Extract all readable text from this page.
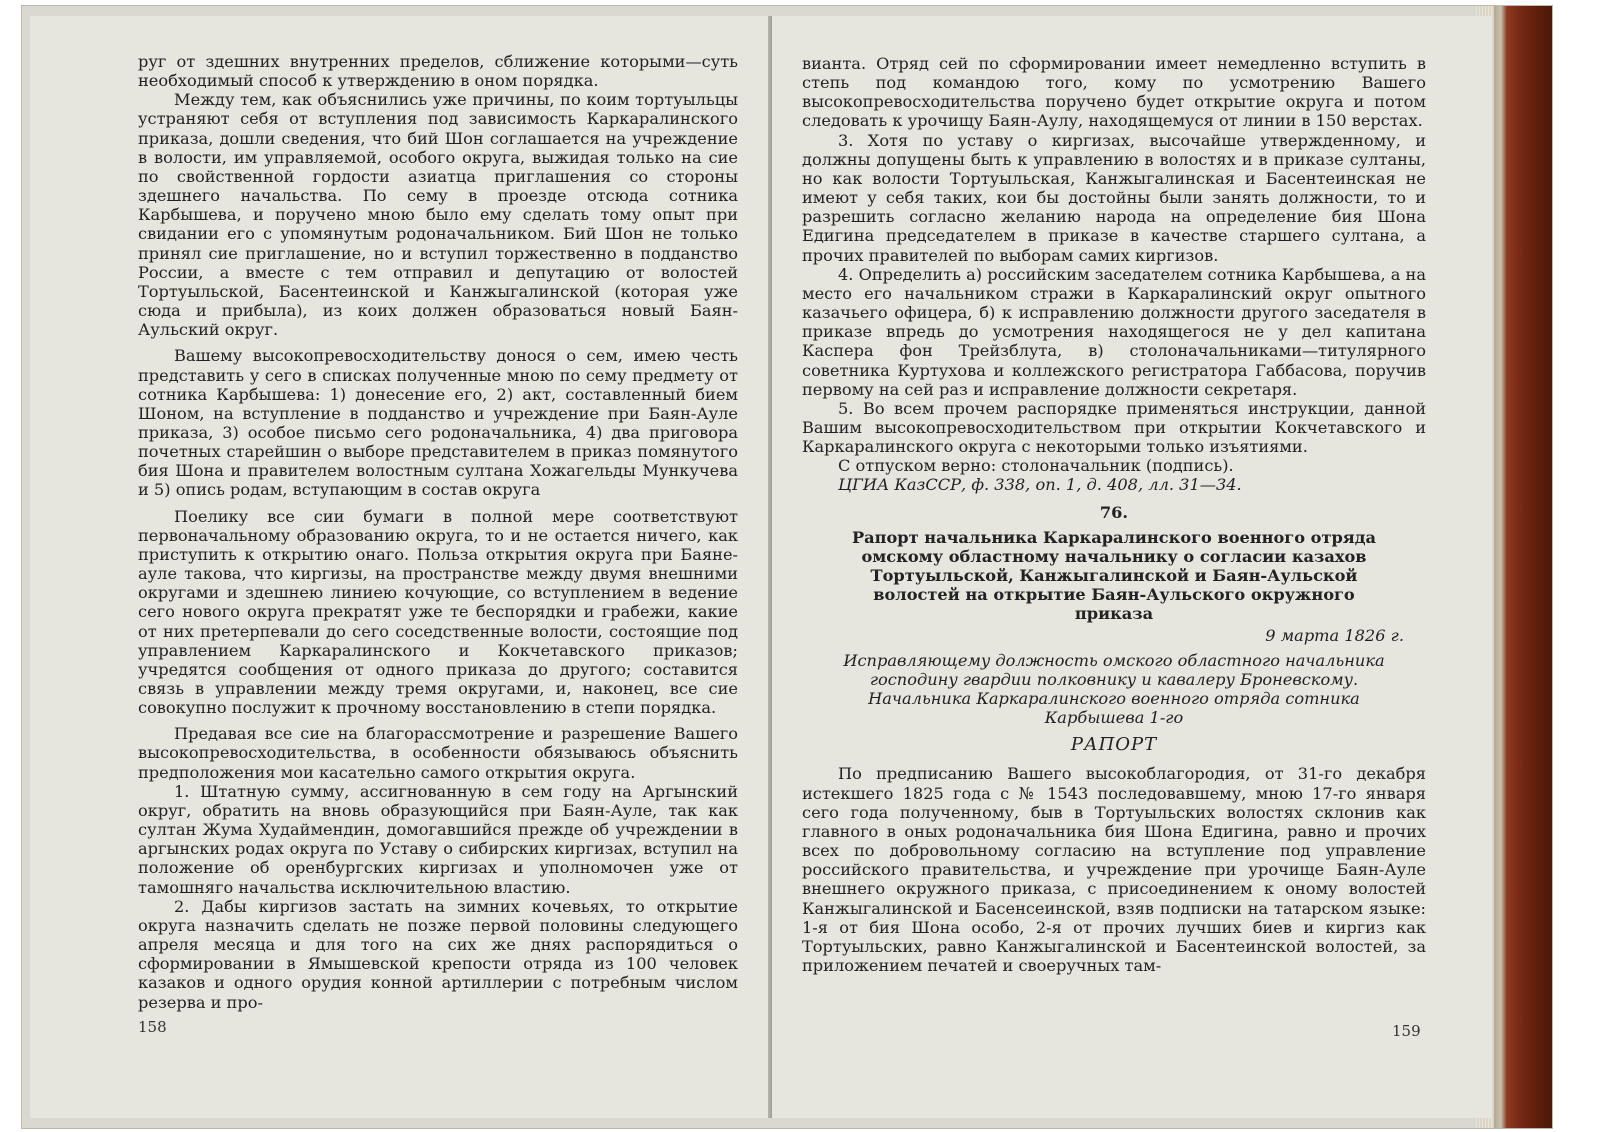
руг от здешних внутренних пределов, сближение которыми—суть необходимый способ к утверждению в оном порядка.

Между тем, как объяснились уже причины, по коим тортуыльцы устраняют себя от вступления под зависимость Каркаралинского приказа, дошли сведения, что бий Шон соглашается на учреждение в волости, им управляемой, особого округа, выжидая только на сие по свойственной гордости азиатца приглашения со стороны здешнего начальства. По сему в проезде отсюда сотника Карбышева, и поручено мною было ему сделать тому опыт при свидании его с упомянутым родоначальником. Бий Шон не только принял сие приглашение, но и вступил торжественно в подданство России, а вместе с тем отправил и депутацию от волостей Тортуыльской, Басентеинской и Канжыгалинской (которая уже сюда и прибыла), из коих должен образоваться новый Баян-Аульский округ.

Вашему высокопревосходительству донося о сем, имею честь представить у сего в списках полученные мною по сему предмету от сотника Карбышева: 1) донесение его, 2) акт, составленный бием Шоном, на вступление в подданство и учреждение при Баян-Ауле приказа, 3) особое письмо сего родоначальника, 4) два приговора почетных старейшин о выборе представителем в приказ помянутого бия Шона и правителем волостным султана Хожагельды Мункучева и 5) опись родам, вступающим в состав округа

Поелику все сии бумаги в полной мере соответствуют первоначальному образованию округа, то и не остается ничего, как приступить к открытию онаго. Польза открытия округа при Баяне-ауле такова, что киргизы, на пространстве между двумя внешними округами и здешнею линиею кочующие, со вступлением в ведение сего нового округа прекратят уже те беспорядки и грабежи, какие от них претерпевали до сего соседственные волости, состоящие под управлением Каркаралинского и Кокчетавского приказов; учредятся сообщения от одного приказа до другого; составится связь в управлении между тремя округами, и, наконец, все сие совокупно послужит к прочному восстановлению в степи порядка.

Предавая все сие на благорассмотрение и разрешение Вашего высокопревосходительства, в особенности обязываюсь объяснить предположения мои касательно самого открытия округа.

1. Штатную сумму, ассигнованную в сем году на Аргынский округ, обратить на вновь образующийся при Баян-Ауле, так как султан Жума Худаймендин, домогавшийся прежде об учреждении в аргынских родах округа по Уставу о сибирских киргизах, вступил на положение об оренбургских киргизах и уполномочен уже от тамошняго начальства исключительною властию.

2. Дабы киргизов застать на зимних кочевьях, то открытие округа назначить сделать не позже первой половины следующего апреля месяца и для того на сих же днях распорядиться о сформировании в Ямышевской крепости отряда из 100 человек казаков и одного орудия конной артиллерии с потребным числом резерва и про-

158

вианта. Отряд сей по сформировании имеет немедленно вступить в степь под командою того, кому по усмотрению Вашего высокопревосходительства поручено будет открытие округа и потом следовать к урочищу Баян-Аулу, находящемуся от линии в 150 верстах.

3. Хотя по уставу о киргизах, высочайше утвержденному, и должны допущены быть к управлению в волостях и в приказе султаны, но как волости Тортуыльская, Канжыгалинская и Басентеинская не имеют у себя таких, кои бы достойны были занять должности, то и разрешить согласно желанию народа на определение бия Шона Едигина председателем в приказе в качестве старшего султана, а прочих правителей по выборам самих киргизов.

4. Определить а) российским заседателем сотника Карбышева, а на место его начальником стражи в Каркаралинский округ опытного казачьего офицера, б) к исправлению должности другого заседателя в приказе впредь до усмотрения находящегося не у дел капитана Каспера фон Трейзблута, в) столоначальниками—титулярного советника Куртухова и коллежского регистратора Габбасова, поручив первому на сей раз и исправление должности секретаря.

5. Во всем прочем распорядке применяться инструкции, данной Вашим высокопревосходительством при открытии Кокчетавского и Каркаралинского округа с некоторыми только изъятиями.

С отпуском верно: столоначальник (подпись).

ЦГИА КазССР, ф. 338, оп. 1, д. 408, лл. 31—34.

76.

Рапорт начальника Каркаралинского военного отряда омскому областному начальнику о согласии казахов Тортуыльской, Канжыгалинской и Баян-Аульской волостей на открытие Баян-Аульского окружного приказа

9 марта 1826 г.

Исправляющему должность омского областного начальника господину гвардии полковнику и кавалеру Броневскому. Начальника Каркаралинского военного отряда сотника Карбышева 1-го

РАПОРТ

По предписанию Вашего высокоблагородия, от 31-го декабря истекшего 1825 года с № 1543 последовавшему, мною 17-го января сего года полученному, быв в Тортуыльских волостях склонив как главного в оных родоначальника бия Шона Едигина, равно и прочих всех по добровольному согласию на вступление под управление российского правительства, и учреждение при урочище Баян-Ауле внешнего окружного приказа, с присоединением к оному волостей Канжыгалинской и Басенсеинской, взяв подписки на татарском языке: 1-я от бия Шона особо, 2-я от прочих лучших биев и киргиз как Тортуыльских, равно Канжыгалинской и Басентеинской волостей, за приложением печатей и своеручных там-

159
